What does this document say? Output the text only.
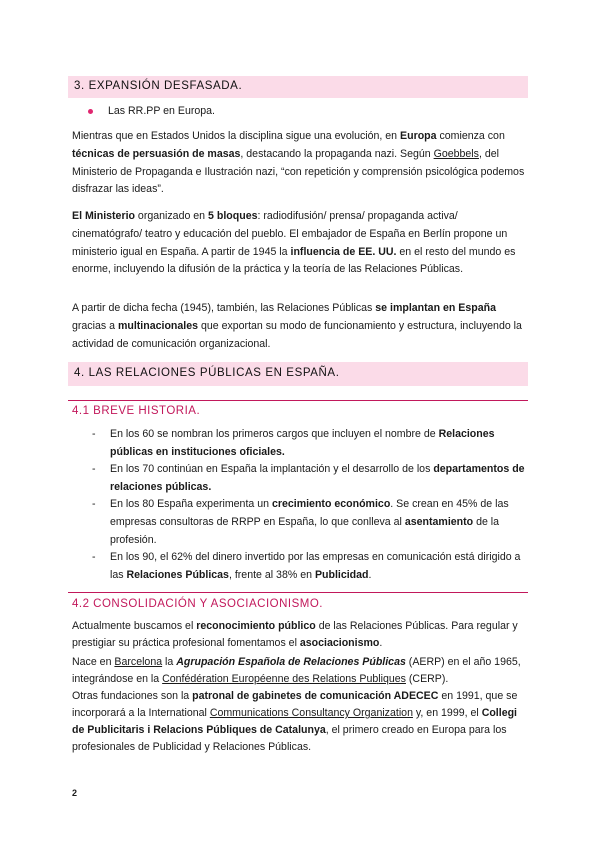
3. EXPANSIÓN DESFASADA.
Las RR.PP en Europa.
Mientras que en Estados Unidos la disciplina sigue una evolución, en Europa comienza con técnicas de persuasión de masas, destacando la propaganda nazi. Según Goebbels, del Ministerio de Propaganda e Ilustración nazi, “con repetición y comprensión psicológica podemos disfrazar las ideas”.
El Ministerio organizado en 5 bloques: radiodifusión/ prensa/ propaganda activa/ cinematógrafo/ teatro y educación del pueblo. El embajador de España en Berlín propone un ministerio igual en España. A partir de 1945 la influencia de EE. UU. en el resto del mundo es enorme, incluyendo la difusión de la práctica y la teoría de las Relaciones Públicas.
A partir de dicha fecha (1945), también, las Relaciones Públicas se implantan en España gracias a multinacionales que exportan su modo de funcionamiento y estructura, incluyendo la actividad de comunicación organizacional.
4. LAS RELACIONES PÚBLICAS EN ESPAÑA.
4.1 BREVE HISTORIA.
- En los 60 se nombran los primeros cargos que incluyen el nombre de Relaciones públicas en instituciones oficiales.
- En los 70 continúan en España la implantación y el desarrollo de los departamentos de relaciones públicas.
- En los 80 España experimenta un crecimiento económico. Se crean en 45% de las empresas consultoras de RRPP en España, lo que conlleva al asentamiento de la profesión.
- En los 90, el 62% del dinero invertido por las empresas en comunicación está dirigido a las Relaciones Públicas, frente al 38% en Publicidad.
4.2 CONSOLIDACIÓN Y ASOCIACIONISMO.
Actualmente buscamos el reconocimiento público de las Relaciones Públicas. Para regular y prestigiar su práctica profesional fomentamos el asociacionismo.
Nace en Barcelona la Agrupación Española de Relaciones Públicas (AERP) en el año 1965, integrándose en la Confédération Européenne des Relations Publiques (CERP).
Otras fundaciones son la patronal de gabinetes de comunicación ADECEC en 1991, que se incorporará a la International Communications Consultancy Organization y, en 1999, el Collegi de Publicitaris i Relacions Públiques de Catalunya, el primero creado en Europa para los profesionales de Publicidad y Relaciones Públicas.
2
